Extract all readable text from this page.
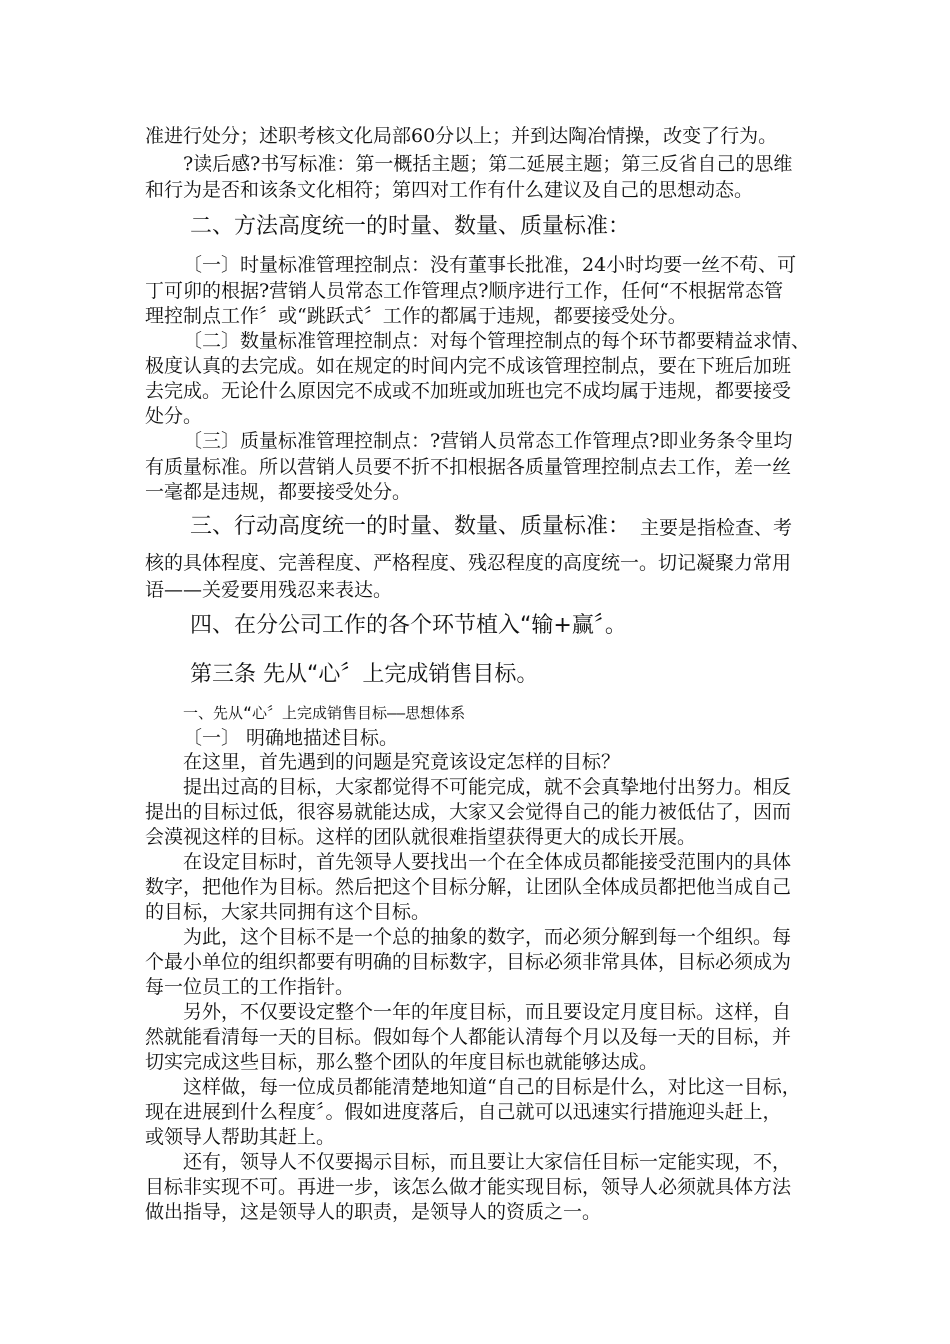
准进行处分；述职考核文化局部60分以上；并到达陶冶情操，改变了行为。
?读后感?书写标准：第一概括主题；第二延展主题；第三反省自己的思维
和行为是否和该条文化相符；第四对工作有什么建议及自己的思想动态。
二、方法高度统一的时量、数量、质量标准：
〔一〕时量标准管理控制点：没有董事长批准，24小时均要一丝不苟、可
丁可卯的根据?营销人员常态工作管理点?顺序进行工作，任何“不根据常态管
理控制点工作〞或“跳跃式〞工作的都属于违规，都要接受处分。
〔二〕数量标准管理控制点：对每个管理控制点的每个环节都要精益求情、
极度认真的去完成。如在规定的时间内完不成该管理控制点，要在下班后加班
去完成。无论什么原因完不成或不加班或加班也完不成均属于违规，都要接受
处分。
〔三〕质量标准管理控制点：?营销人员常态工作管理点?即业务条令里均
有质量标准。所以营销人员要不折不扣根据各质量管理控制点去工作，差一丝
一毫都是违规，都要接受处分。
三、行动高度统一的时量、数量、质量标准： 主要是指检查、考
核的具体程度、完善程度、严格程度、残忍程度的高度统一。切记凝聚力常用
语——关爱要用残忍来表达。
四、在分公司工作的各个环节植入“输+赢〞。
第三条 先从“心〞上完成销售目标。
一、先从“心〞上完成销售目标——思想体系
〔一〕 明确地描述目标。
在这里，首先遇到的问题是究竟该设定怎样的目标？
提出过高的目标，大家都觉得不可能完成，就不会真挚地付出努力。相反
提出的目标过低，很容易就能达成，大家又会觉得自己的能力被低估了，因而
会漠视这样的目标。这样的团队就很难指望获得更大的成长开展。
在设定目标时，首先领导人要找出一个在全体成员都能接受范围内的具体
数字，把他作为目标。然后把这个目标分解，让团队全体成员都把他当成自己
的目标，大家共同拥有这个目标。
为此，这个目标不是一个总的抽象的数字，而必须分解到每一个组织。每
个最小单位的组织都要有明确的目标数字，目标必须非常具体，目标必须成为
每一位员工的工作指针。
另外，不仅要设定整个一年的年度目标，而且要设定月度目标。这样，自
然就能看清每一天的目标。假如每个人都能认清每个月以及每一天的目标，并
切实完成这些目标，那么整个团队的年度目标也就能够达成。
这样做，每一位成员都能清楚地知道“自己的目标是什么，对比这一目标，
现在进展到什么程度〞。假如进度落后，自己就可以迅速实行措施迎头赶上，
或领导人帮助其赶上。
还有，领导人不仅要揭示目标，而且要让大家信任目标一定能实现，不，
目标非实现不可。再进一步，该怎么做才能实现目标，领导人必须就具体方法
做出指导，这是领导人的职责，是领导人的资质之一。
